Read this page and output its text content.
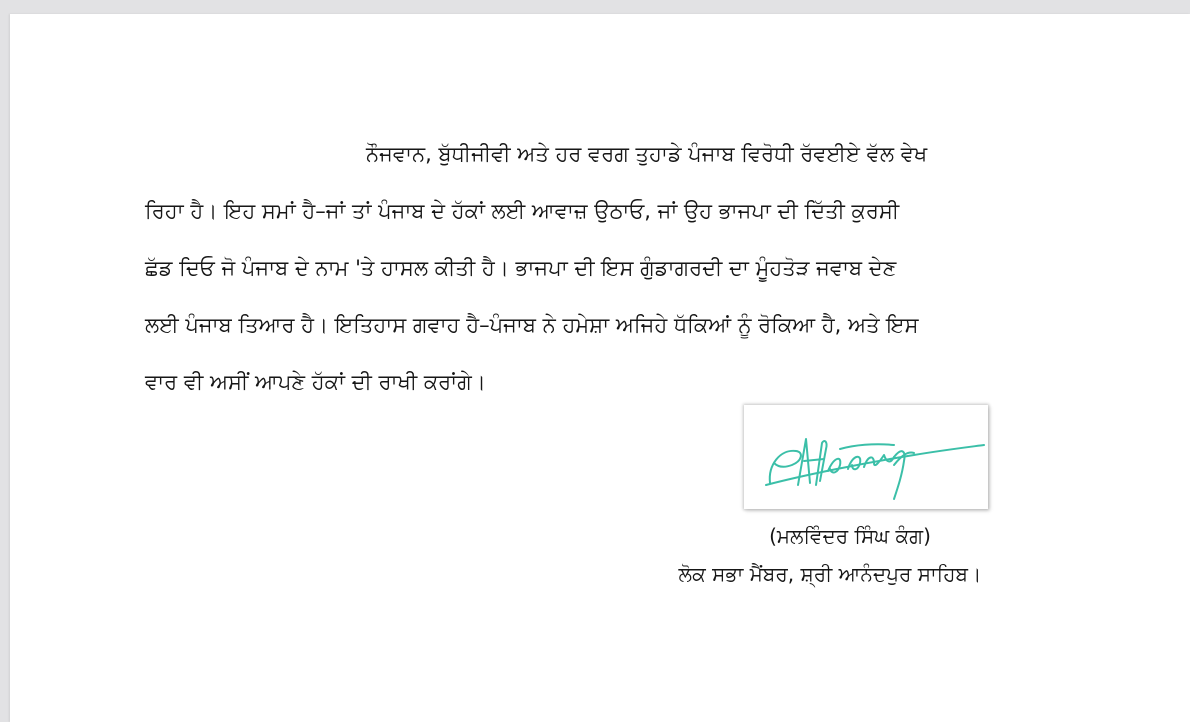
ਨੌਜਵਾਨ, ਬੁੱਧੀਜੀਵੀ ਅਤੇ ਹਰ ਵਰਗ ਤੁਹਾਡੇ ਪੰਜਾਬ ਵਿਰੋਧੀ ਰੱਵਈਏ ਵੱਲ ਵੇਖ
ਰਿਹਾ ਹੈ। ਇਹ ਸਮਾਂ ਹੈ–ਜਾਂ ਤਾਂ ਪੰਜਾਬ ਦੇ ਹੱਕਾਂ ਲਈ ਆਵਾਜ਼ ਉਠਾਓ, ਜਾਂ ਉਹ ਭਾਜਪਾ ਦੀ ਦਿੱਤੀ ਕੁਰਸੀ
ਛੱਡ ਦਿਓ ਜੋ ਪੰਜਾਬ ਦੇ ਨਾਮ 'ਤੇ ਹਾਸਲ ਕੀਤੀ ਹੈ। ਭਾਜਪਾ ਦੀ ਇਸ ਗੁੰਡਾਗਰਦੀ ਦਾ ਮੂੰਹਤੋੜ ਜਵਾਬ ਦੇਣ
ਲਈ ਪੰਜਾਬ ਤਿਆਰ ਹੈ। ਇਤਿਹਾਸ ਗਵਾਹ ਹੈ–ਪੰਜਾਬ ਨੇ ਹਮੇਸ਼ਾ ਅਜਿਹੇ ਧੱਕਿਆਂ ਨੂੰ ਰੋਕਿਆ ਹੈ, ਅਤੇ ਇਸ
ਵਾਰ ਵੀ ਅਸੀਂ ਆਪਣੇ ਹੱਕਾਂ ਦੀ ਰਾਖੀ ਕਰਾਂਗੇ।

(ਮਲਵਿੰਦਰ ਸਿੰਘ ਕੰਗ)

ਲੋਕ ਸਭਾ ਮੈਂਬਰ, ਸ਼੍ਰੀ ਆਨੰਦਪੁਰ ਸਾਹਿਬ।
